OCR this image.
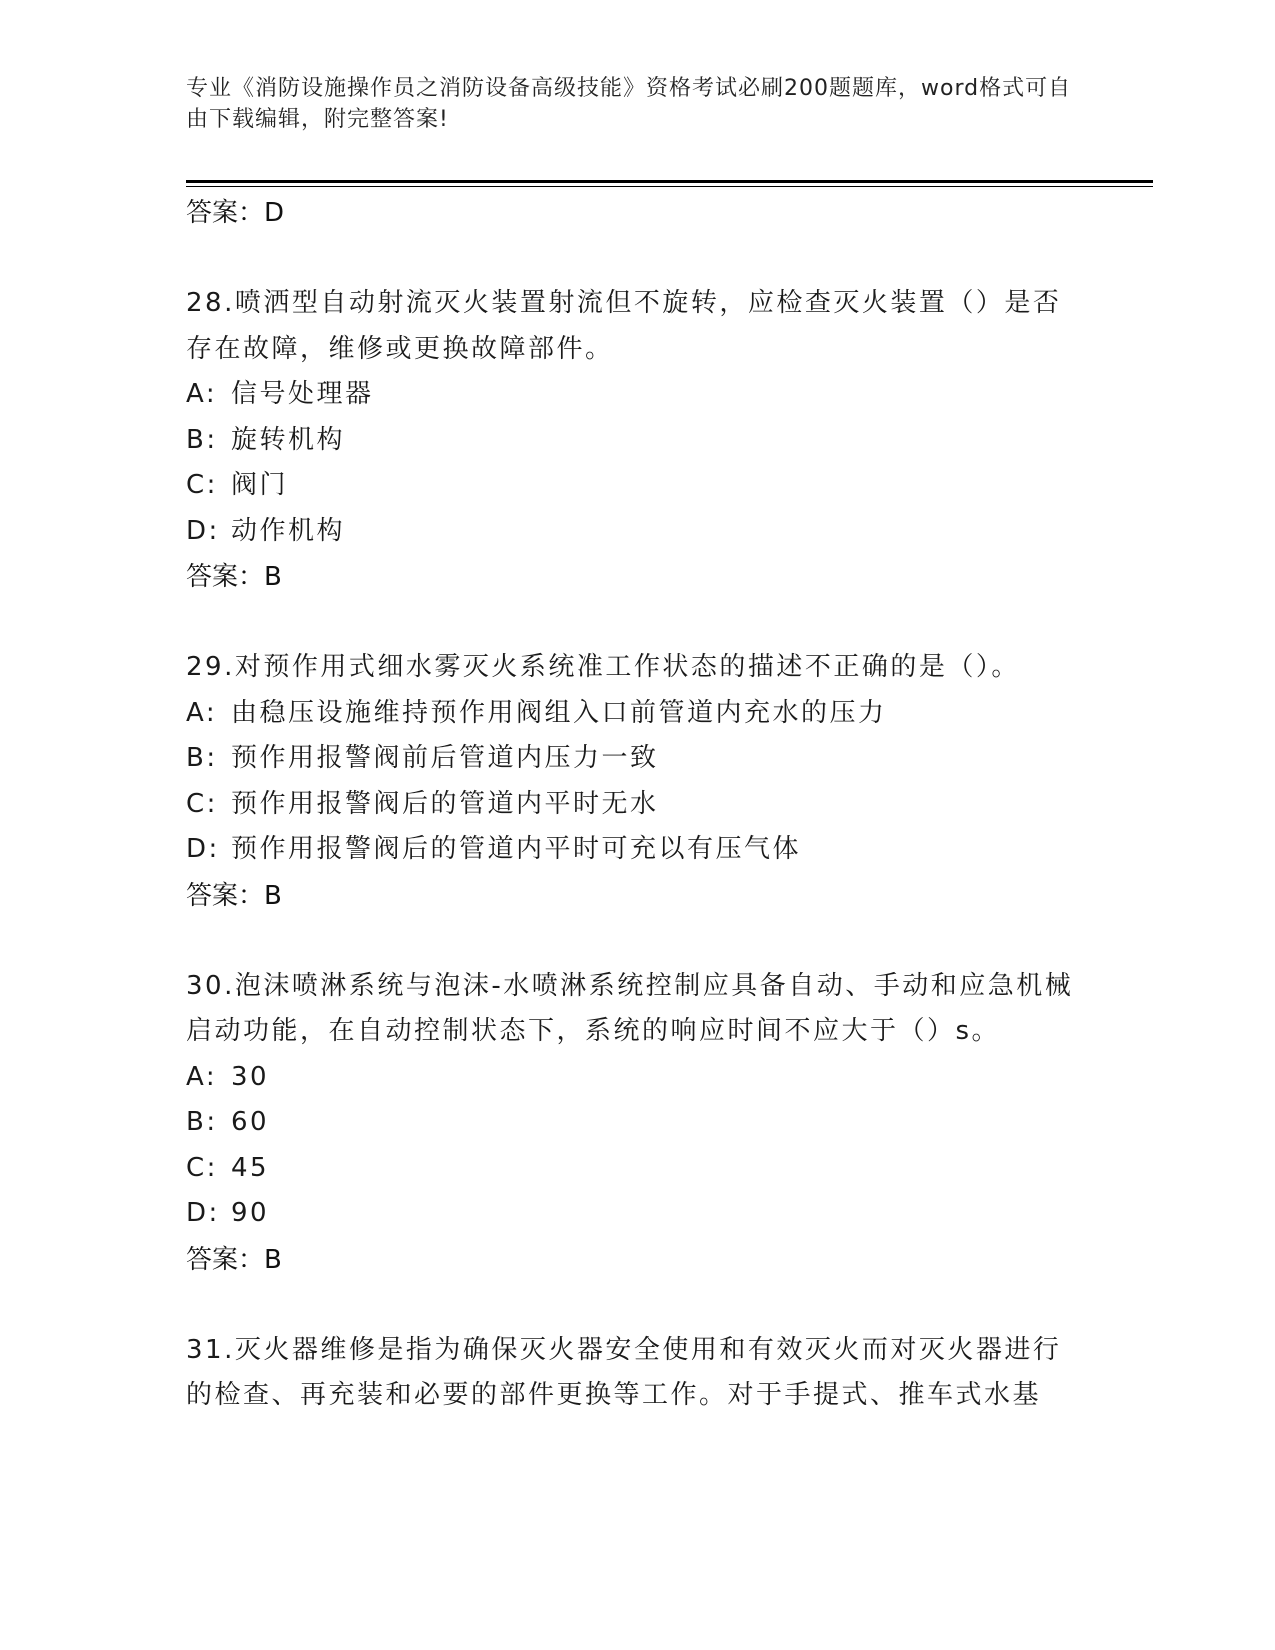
专业《消防设施操作员之消防设备高级技能》资格考试必刷200题题库，word格式可自由下载编辑，附完整答案!
答案：D
28.喷洒型自动射流灭火装置射流但不旋转，应检查灭火装置（）是否存在故障，维修或更换故障部件。
A: 信号处理器
B: 旋转机构
C: 阀门
D: 动作机构
答案：B
29.对预作用式细水雾灭火系统准工作状态的描述不正确的是（）。
A: 由稳压设施维持预作用阀组入口前管道内充水的压力
B: 预作用报警阀前后管道内压力一致
C: 预作用报警阀后的管道内平时无水
D: 预作用报警阀后的管道内平时可充以有压气体
答案：B
30.泡沫喷淋系统与泡沫-水喷淋系统控制应具备自动、手动和应急机械启动功能，在自动控制状态下，系统的响应时间不应大于（）s。
A: 30
B: 60
C: 45
D: 90
答案：B
31.灭火器维修是指为确保灭火器安全使用和有效灭火而对灭火器进行的检查、再充装和必要的部件更换等工作。对于手提式、推车式水基
